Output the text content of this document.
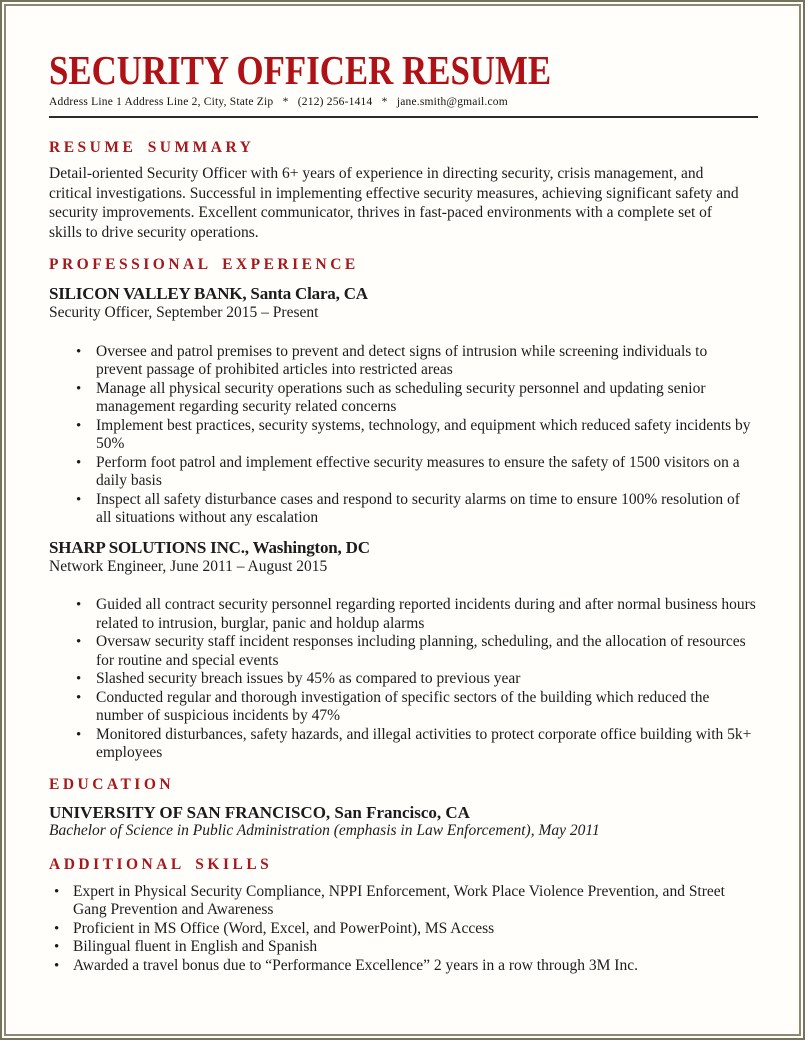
SECURITY OFFICER RESUME
Address Line 1 Address Line 2, City, State Zip   *   (212) 256-1414   *   jane.smith@gmail.com
RESUME SUMMARY

Detail-oriented Security Officer with 6+ years of experience in directing security, crisis management, and critical investigations. Successful in implementing effective security measures, achieving significant safety and security improvements. Excellent communicator, thrives in fast-paced environments with a complete set of skills to drive security operations.

PROFESSIONAL EXPERIENCE
SILICON VALLEY BANK, Santa Clara, CA
Security Officer, September 2015 – Present
• Oversee and patrol premises to prevent and detect signs of intrusion while screening individuals to prevent passage of prohibited articles into restricted areas
• Manage all physical security operations such as scheduling security personnel and updating senior management regarding security related concerns
• Implement best practices, security systems, technology, and equipment which reduced safety incidents by 50%
• Perform foot patrol and implement effective security measures to ensure the safety of 1500 visitors on a daily basis
• Inspect all safety disturbance cases and respond to security alarms on time to ensure 100% resolution of all situations without any escalation
SHARP SOLUTIONS INC., Washington, DC
Network Engineer, June 2011 – August 2015
• Guided all contract security personnel regarding reported incidents during and after normal business hours related to intrusion, burglar, panic and holdup alarms
• Oversaw security staff incident responses including planning, scheduling, and the allocation of resources for routine and special events
• Slashed security breach issues by 45% as compared to previous year
• Conducted regular and thorough investigation of specific sectors of the building which reduced the number of suspicious incidents by 47%
• Monitored disturbances, safety hazards, and illegal activities to protect corporate office building with 5k+ employees
EDUCATION
UNIVERSITY OF SAN FRANCISCO, San Francisco, CA
Bachelor of Science in Public Administration (emphasis in Law Enforcement), May 2011
ADDITIONAL SKILLS
• Expert in Physical Security Compliance, NPPI Enforcement, Work Place Violence Prevention, and Street Gang Prevention and Awareness
• Proficient in MS Office (Word, Excel, and PowerPoint), MS Access
• Bilingual fluent in English and Spanish
• Awarded a travel bonus due to “Performance Excellence” 2 years in a row through 3M Inc.
